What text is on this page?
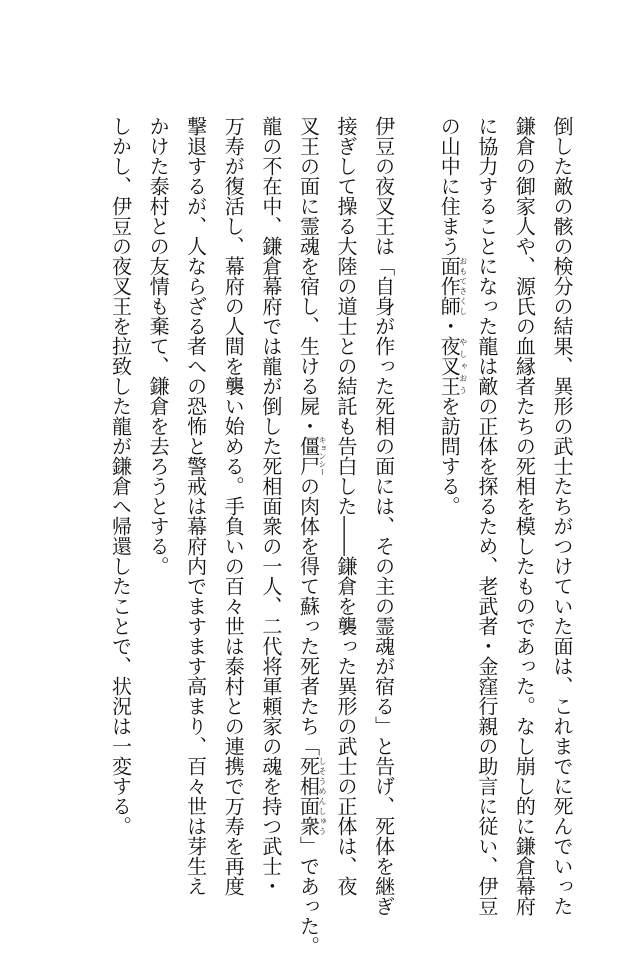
倒した敵の骸の検分の結果、異形の武士たちがつけていた面は、これまでに死んでいった
鎌倉の御家人や、源氏の血縁者たちの死相を模したものであった。なし崩し的に鎌倉幕府
に協力することになった龍は敵の正体を探るため、老武者・金窪行親の助言に従い、伊豆
の山中に住まう面作師おもてさくし・夜叉王やしゃおうを訪問する。
伊豆の夜叉王は「自身が作った死相の面には、その主の霊魂が宿る」と告げ、死体を継ぎ
接ぎして操る大陸の道士との結託も告白した――鎌倉を襲った異形の武士の正体は、夜
叉王の面に霊魂を宿し、生ける屍・僵尸キョンシーの肉体を得て蘇った死者たち「死相面衆しそうめんしゅう」であった。
龍の不在中、鎌倉幕府では龍が倒した死相面衆の一人、二代将軍頼家の魂を持つ武士・
万寿が復活し、幕府の人間を襲い始める。手負いの百々世は泰村との連携で万寿を再度
撃退するが、人ならざる者への恐怖と警戒は幕府内でますます高まり、百々世は芽生え
かけた泰村との友情も棄て、鎌倉を去ろうとする。
しかし、伊豆の夜叉王を拉致した龍が鎌倉へ帰還したことで、状況は一変する。
